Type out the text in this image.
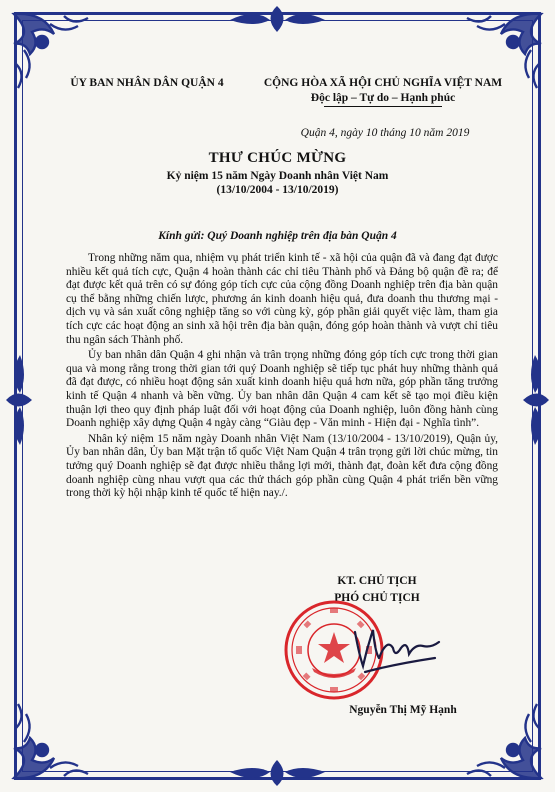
ỦY BAN NHÂN DÂN QUẬN 4	CỘNG HÒA XÃ HỘI CHỦ NGHĨA VIỆT NAM
Độc lập – Tự do – Hạnh phúc
Quận 4, ngày 10 tháng 10 năm 2019
THƯ CHÚC MỪNG
Kỷ niệm 15 năm Ngày Doanh nhân Việt Nam
(13/10/2004 - 13/10/2019)
Kính gửi: Quý Doanh nghiệp trên địa bàn Quận 4

Trong những năm qua, nhiệm vụ phát triển kinh tế - xã hội của quận đã và đang đạt được nhiều kết quả tích cực, Quận 4 hoàn thành các chỉ tiêu Thành phố và Đảng bộ quận đề ra; để đạt được kết quả trên có sự đóng góp tích cực của cộng đồng Doanh nghiệp trên địa bàn quận cụ thể bằng những chiến lược, phương án kinh doanh hiệu quả, đưa doanh thu thương mại - dịch vụ và sản xuất công nghiệp tăng so với cùng kỳ, góp phần giải quyết việc làm, tham gia tích cực các hoạt động an sinh xã hội trên địa bàn quận, đóng góp hoàn thành và vượt chỉ tiêu thu ngân sách Thành phố.

Ủy ban nhân dân Quận 4 ghi nhận và trân trọng những đóng góp tích cực trong thời gian qua và mong rằng trong thời gian tới quý Doanh nghiệp sẽ tiếp tục phát huy những thành quả đã đạt được, có nhiều hoạt động sản xuất kinh doanh hiệu quả hơn nữa, góp phần tăng trưởng kinh tế Quận 4 nhanh và bền vững. Ủy ban nhân dân Quận 4 cam kết sẽ tạo mọi điều kiện thuận lợi theo quy định pháp luật đối với hoạt động của Doanh nghiệp, luôn đồng hành cùng Doanh nghiệp xây dựng Quận 4 ngày càng “Giàu đẹp - Văn minh - Hiện đại - Nghĩa tình”.

Nhân kỷ niệm 15 năm ngày Doanh nhân Việt Nam (13/10/2004 - 13/10/2019), Quận ủy, Ủy ban nhân dân, Ủy ban Mặt trận tổ quốc Việt Nam Quận 4 trân trọng gửi lời chúc mừng, tin tưởng quý Doanh nghiệp sẽ đạt được nhiều thắng lợi mới, thành đạt, đoàn kết đưa cộng đồng doanh nghiệp cùng nhau vượt qua các thử thách góp phần cùng Quận 4 phát triển bền vững trong thời kỳ hội nhập kinh tế quốc tế hiện nay./.

KT. CHỦ TỊCH
PHÓ CHỦ TỊCH
Nguyễn Thị Mỹ Hạnh
